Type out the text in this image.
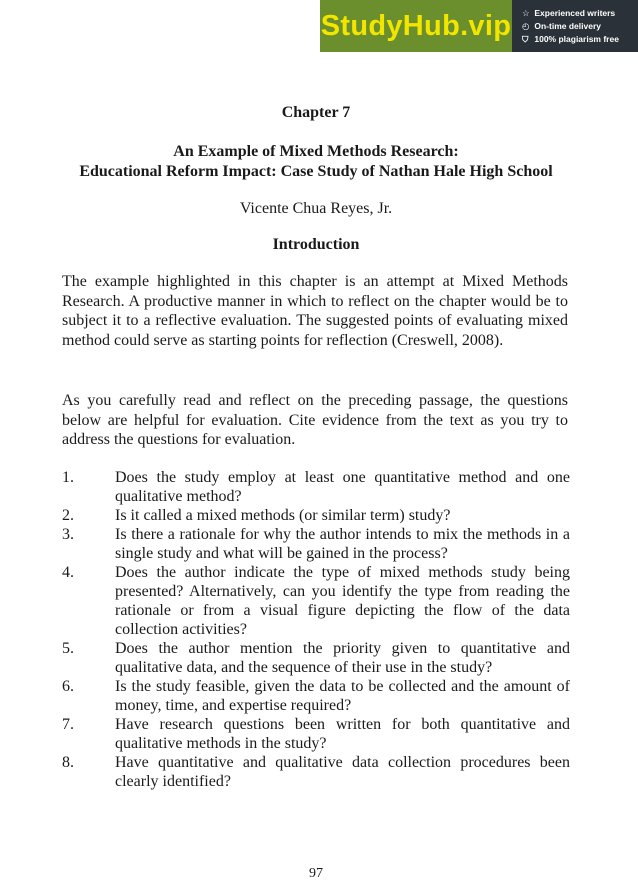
StudyHub.vip ☆ Experienced writers
◴ On-time delivery
⛉ 100% plagiarism free
Chapter 7
An Example of Mixed Methods Research:
Educational Reform Impact: Case Study of Nathan Hale High School
Vicente Chua Reyes, Jr.
Introduction

The example highlighted in this chapter is an attempt at Mixed Methods Research. A productive manner in which to reflect on the chapter would be to subject it to a reflective evaluation. The suggested points of evaluating mixed method could serve as starting points for reflection (Creswell, 2008).

As you carefully read and reflect on the preceding passage, the questions below are helpful for evaluation. Cite evidence from the text as you try to address the questions for evaluation.

1.	Does the study employ at least one quantitative method and one qualitative method?
2.	Is it called a mixed methods (or similar term) study?
3.	Is there a rationale for why the author intends to mix the methods in a single study and what will be gained in the process?
4.	Does the author indicate the type of mixed methods study being presented? Alternatively, can you identify the type from reading the rationale or from a visual figure depicting the flow of the data collection activities?
5.	Does the author mention the priority given to quantitative and qualitative data, and the sequence of their use in the study?
6.	Is the study feasible, given the data to be collected and the amount of money, time, and expertise required?
7.	Have research questions been written for both quantitative and qualitative methods in the study?
8.	Have quantitative and qualitative data collection procedures been clearly identified?
97
